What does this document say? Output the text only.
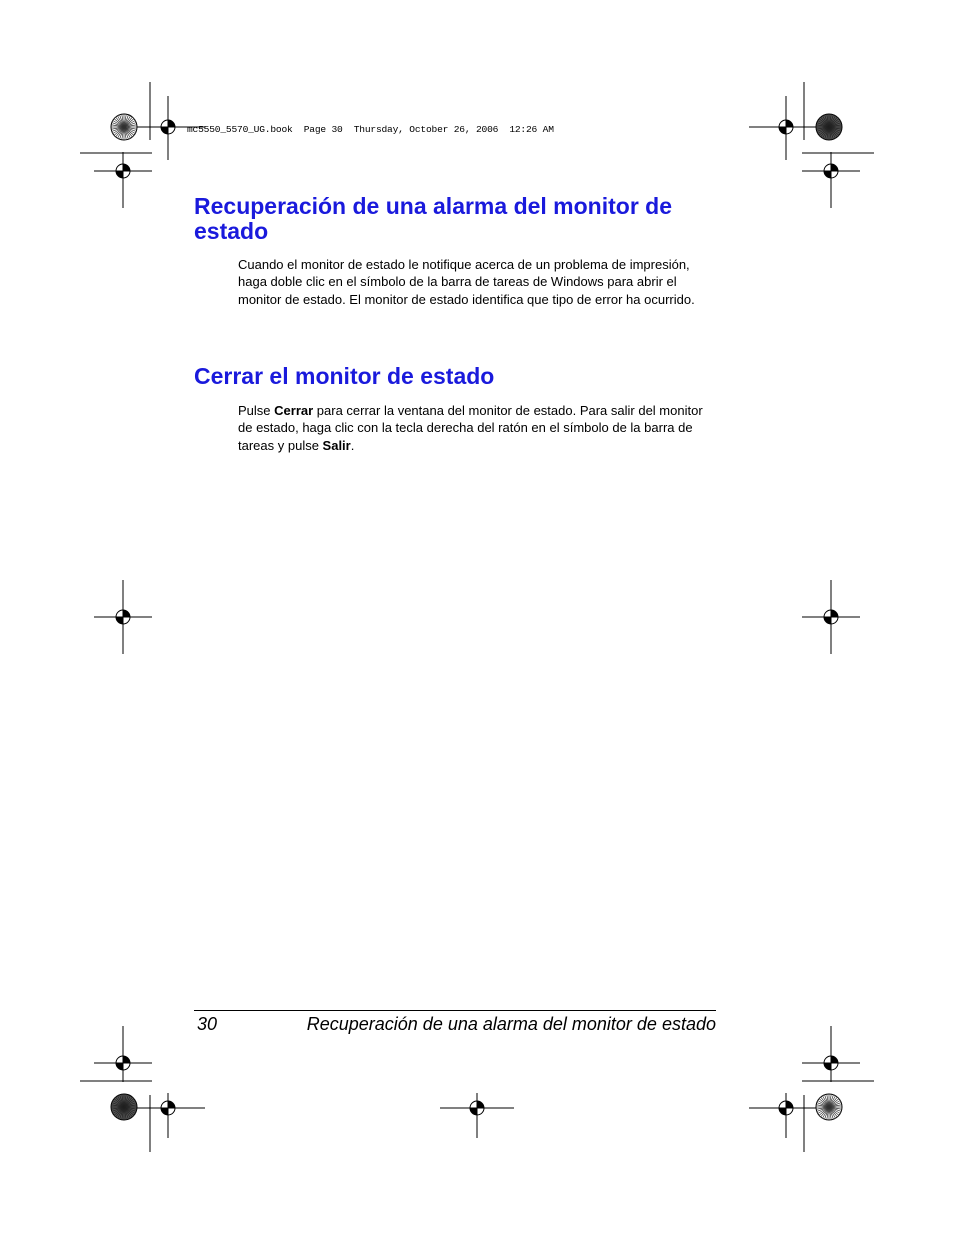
mc5550_5570_UG.book  Page 30  Thursday, October 26, 2006  12:26 AM
Recuperación de una alarma del monitor de estado

Cuando el monitor de estado le notifique acerca de un problema de impresión, haga doble clic en el símbolo de la barra de tareas de Windows para abrir el monitor de estado. El monitor de estado identifica que tipo de error ha ocurrido.

Cerrar el monitor de estado

Pulse Cerrar para cerrar la ventana del monitor de estado. Para salir del monitor de estado, haga clic con la tecla derecha del ratón en el símbolo de la barra de tareas y pulse Salir.

30	Recuperación de una alarma del monitor de estado
